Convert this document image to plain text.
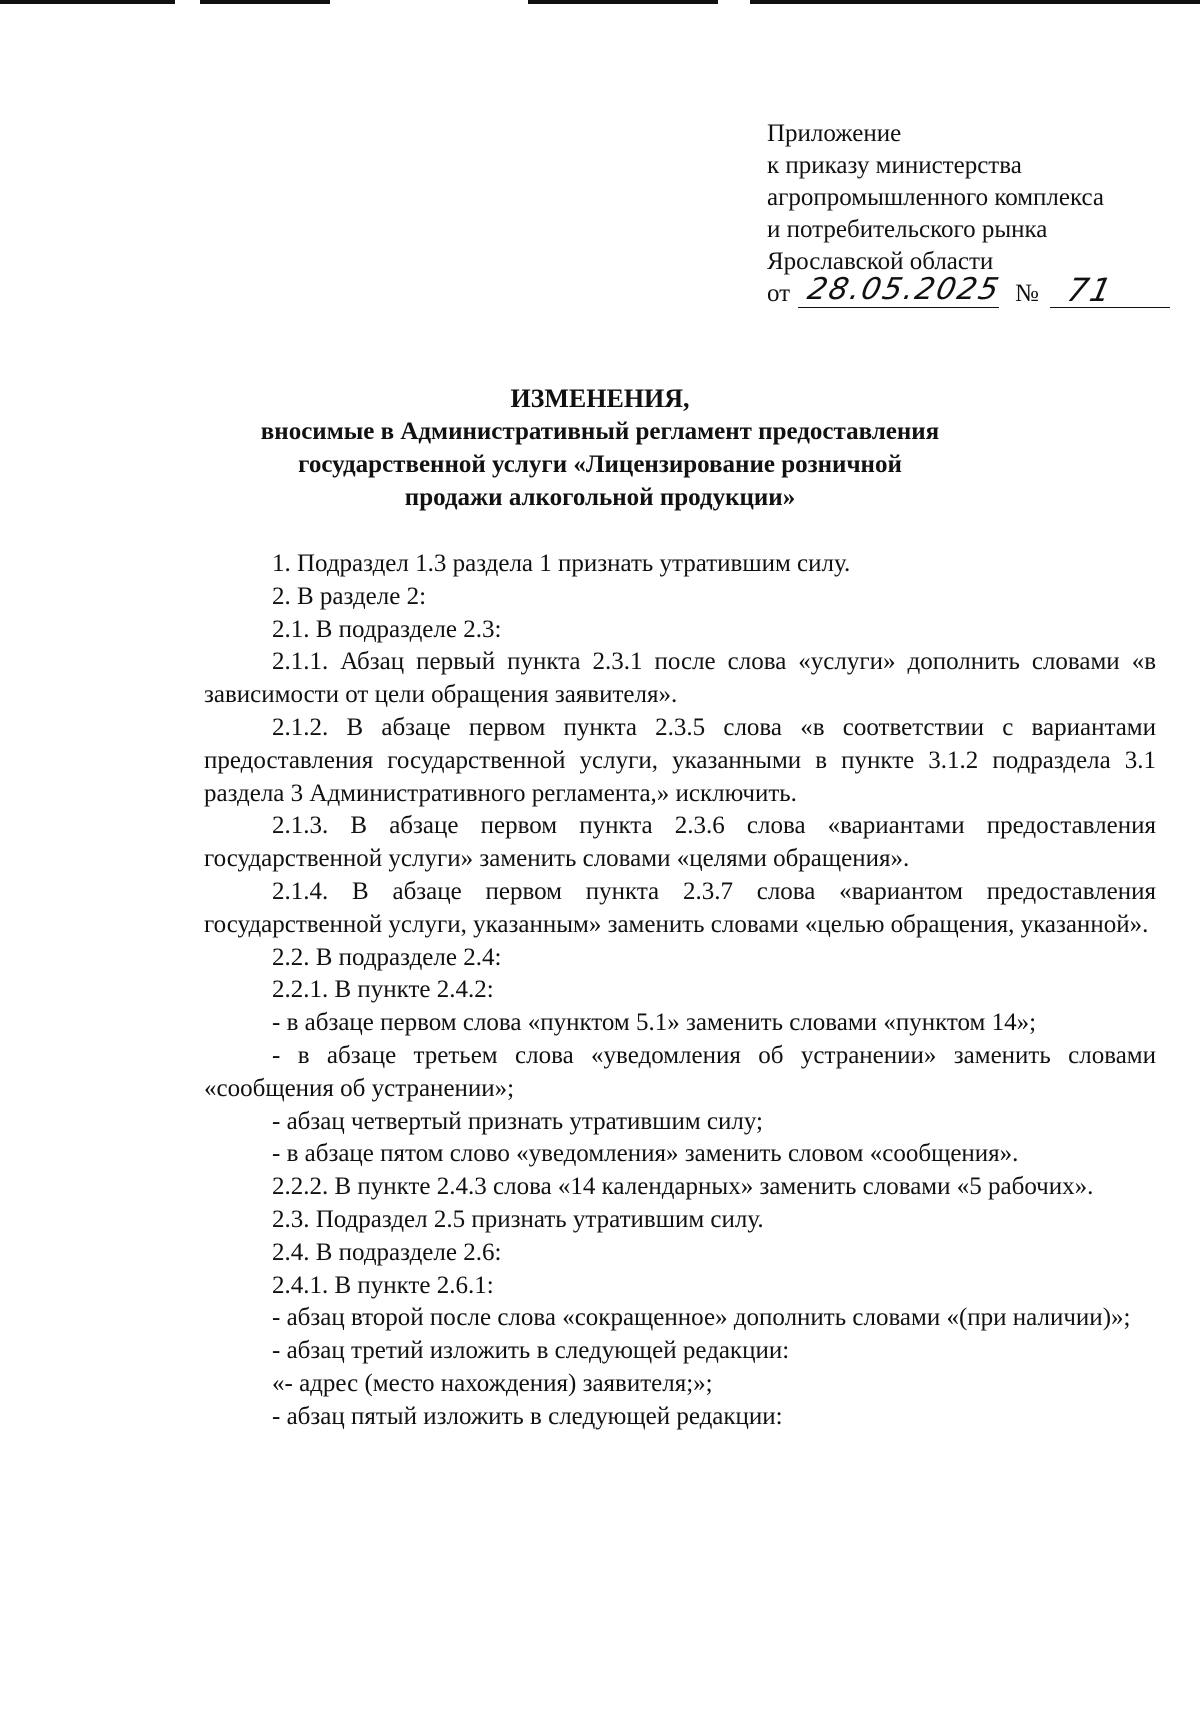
Приложение
к приказу министерства
агропромышленного комплекса
и потребительского рынка
Ярославской области
от 28.05.2025 № 71
ИЗМЕНЕНИЯ,
вносимые в Административный регламент предоставления
государственной услуги «Лицензирование розничной
продажи алкогольной продукции»

1. Подраздел 1.3 раздела 1 признать утратившим силу.

2. В разделе 2:

2.1. В подразделе 2.3:

2.1.1. Абзац первый пункта 2.3.1 после слова «услуги» дополнить словами «в зависимости от цели обращения заявителя».

2.1.2. В абзаце первом пункта 2.3.5 слова «в соответствии с вариантами предоставления государственной услуги, указанными в пункте 3.1.2 подраздела 3.1 раздела 3 Административного регламента,» исключить.

2.1.3. В абзаце первом пункта 2.3.6 слова «вариантами предоставления государственной услуги» заменить словами «целями обращения».

2.1.4. В абзаце первом пункта 2.3.7 слова «вариантом предоставления государственной услуги, указанным» заменить словами «целью обращения, указанной».

2.2. В подразделе 2.4:

2.2.1. В пункте 2.4.2:

- в абзаце первом слова «пунктом 5.1» заменить словами «пунктом 14»;

- в абзаце третьем слова «уведомления об устранении» заменить словами «сообщения об устранении»;

- абзац четвертый признать утратившим силу;

- в абзаце пятом слово «уведомления» заменить словом «сообщения».

2.2.2. В пункте 2.4.3 слова «14 календарных» заменить словами «5 рабочих».

2.3. Подраздел 2.5 признать утратившим силу.

2.4. В подразделе 2.6:

2.4.1. В пункте 2.6.1:

- абзац второй после слова «сокращенное» дополнить словами «(при наличии)»;

- абзац третий изложить в следующей редакции:

«- адрес (место нахождения) заявителя;»;

- абзац пятый изложить в следующей редакции:
